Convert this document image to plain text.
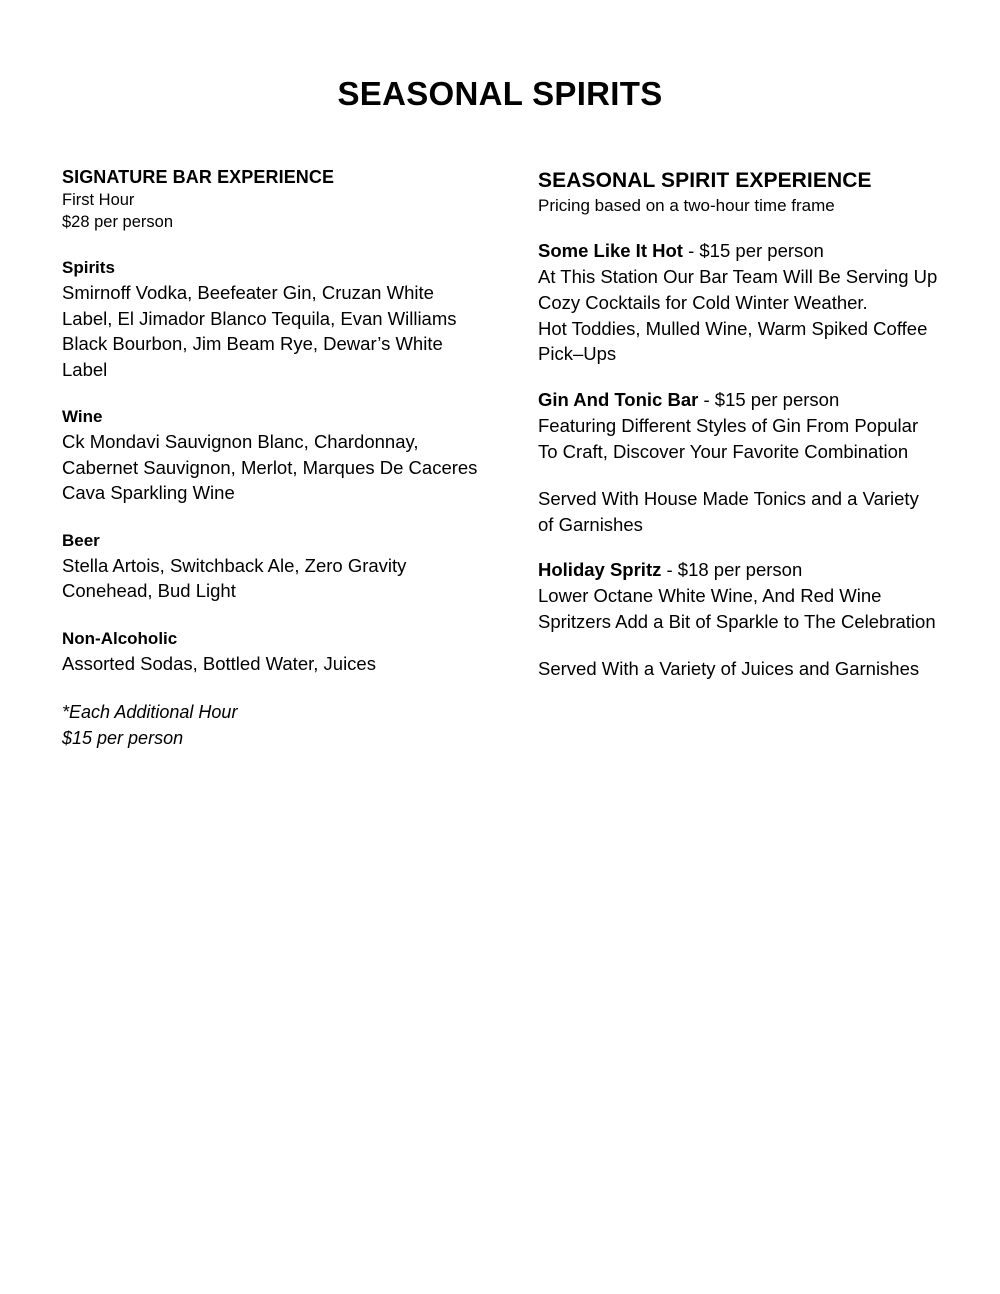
SEASONAL SPIRITS
SIGNATURE BAR EXPERIENCE
First Hour
$28 per person
Spirits
Smirnoff Vodka, Beefeater Gin, Cruzan White Label, El Jimador Blanco Tequila, Evan Williams Black Bourbon, Jim Beam Rye, Dewar’s White Label
Wine
Ck Mondavi Sauvignon Blanc, Chardonnay, Cabernet Sauvignon, Merlot, Marques De Caceres Cava Sparkling Wine
Beer
Stella Artois, Switchback Ale, Zero Gravity Conehead, Bud Light
Non-Alcoholic
Assorted Sodas, Bottled Water, Juices
*Each Additional Hour
$15 per person
SEASONAL SPIRIT EXPERIENCE
Pricing based on a two-hour time frame
Some Like It Hot - $15 per person
At This Station Our Bar Team Will Be Serving Up Cozy Cocktails for Cold Winter Weather.
Hot Toddies, Mulled Wine, Warm Spiked Coffee Pick–Ups
Gin And Tonic Bar - $15 per person
Featuring Different Styles of Gin From Popular To Craft, Discover Your Favorite Combination
Served With House Made Tonics and a Variety of Garnishes
Holiday Spritz - $18 per person
Lower Octane White Wine, And Red Wine Spritzers Add a Bit of Sparkle to The Celebration
Served With a Variety of Juices and Garnishes
